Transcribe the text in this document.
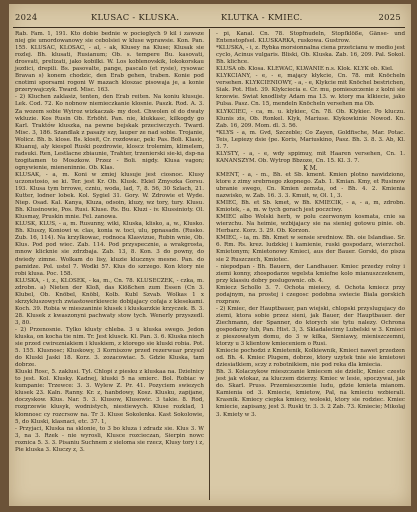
2024	KLUSAC - KLUSKA.	KLUTKA - KMIEC.	2025

Rab. Fam. 1, 191. Kto dobie bednie w pocieglych 9 kil i zawsze niej gie umordowanowy sie cebolsiei w kluse wprawsie. Kon. Pan. 155. KLUSAC, KLOSAC, - al, - ak, Klusey na Kluse; Klusak sie rozlej. Bh. klusati, Rusianum; Ob. s. tempere Bu. kasovati, drosvati, prelizati, jako kobilki. W. Los koblenovskik, lokokorskau jezdici, drepili. Bs. pasovalte, pange, pascalo (et rysie), rysowac Bravan s) konem chodzic, den Erab gehen, traben. Konie pod cnotimi sporsami rogoni W mazach kloszac pisowaja je, a konie przerywajczyk. Tward. Misc. 163.

- 2) Kluchen zaklasiz, tenten, den Erab reiten. Na koniu klusuje. Lek. Cod. 72. Ko nobnow niemieczkanie klosnie. Paszk. Rod. A. 3. Za wozem sobie Wyiroz wizkaczak- my dost. Chwolen ol do dwaty wkluzie. Kos Rusin Ob. Erhöht. Pan. nie, klukkasc, kilkogdy go Karl. Traktów kluszka, na pewne bejskak przeciwczych. Tward. Misc. 3, 186. Szandlak z pasaży szy, lauper ze nad sobie. Trojanie, Wolicz. Bh. b. klose. Bs. klosit, Cr. rozdowac, pek: Pas. Boli. Klasic, Kluanuj, aly kiespol Ruski pozdrowie, kloscz trolemim, klimelem, radsuki. Ren, Lestlacne zbiaunie, Trahter, trzenierski sie-ki, dsp-na tzogitamen to Moszkow. Przez - Boli. nigdy. Klusa vagon; ognywienie, mieneninnie. Ob. Klas.

KLUSAK, - a, m. Koni w zmiej klusuje jest ciosnoc. Klusy uczonstosio, se ki. Ter. jest Kr. Ob. Klusk. Ekiel Zmyszka Gorsu. 193. Klusa tym brrowe, czniu, woda, lad, 7, 8. 56, 30 Szlach, 21. Kutter, lodner lobek. Kol. Sygiel 31. Gory. W. Zdrowie et Wyde. Niep. Osad. Kal. Kanya, Kluza, odsoin, kluzy, wz tory, tury. Klusu. Bh. Klusinowie, Pos. Rusi. Kluse. Rs. Bu. Kluzi - iv. Klussinioty. Ol. Klusmay, Pruskin mnie. Fel. zanowa.

KLUSK, KLUS, - a, m. Rusunny, wiki, Kluska, klisko, a, w., Klusko. Bh. Kluszy, Koniowi w. clas, konia w. toci, ulu, ppnasadn. (Rusko. Zub. 16, 114). Na krzylkowac, rodnoca Klasvizue, Rubin wnie, Ob. Klus. Pod pod wiec. Zab. 114. Pod przyspecznie, a wrakgrosta, mnow klicknie sie zdrzbaja. Zab. 13, 8. Kon. 3 do powny, do dwiedy zimne. Wolkam do lisy, kluzie klucznys mesne. Pan. do pamidze. Pol. ustel 7. Wodki 57. Klus do szrzego. Kon ktory nie robi klusa. Poc. 158.

KLUSKA, - i, z., KLOSEK, - ka, m., Cn. 78. KLUSECZEK, - czka, m. zdrobn. a) Nieten der Kloß, das Klößchen zum Essen (Cn 3. Klubel, Ob. Knöbel, Knöbl, Kolb. Kubl Szvab. Wolkas 1 x skrzykluszowych zwiastowerkiewcie dobijajacy cofaja z klesekami. Koch. 39. Robia w mieszaninie klusek i kluskarzkie krzyczek. B. 3. 28. Klusek z kwaszonyni pachwaty stow tych. Wenerly przyszedl. 3, 80.

- 2) Przenosnie. Tylko klusty chleba. 3 u kluska swego. Jedon kluska, on kocha tie nim. Tr. Jest klusck. Kl. Pan. 3. 6. Kluska niech sie przed cwirezniakiem i kluskiem, z ktorego sie kluski robia. Pot. 5. 155. Klusnosc; Kluskowy, 3 Korniszow przed rezerwuar przyszl do Kluski Jaski 18. Korz. 3. zozacowiac. 5. Gdzie Kluska, tam dobrze.

Kluski Rosc, 5. zaklusi. Tyl. Chlopi z piesku z kluskaa na. Dzielnicy to jest. Kol. Klusky. Kadnej, kluski 5 na smierc. Bol. Robiac w kumpanie: Trzewce: 3. 3. Wylew Z. Pr. 41. Pozyciem swiezych klusek 23. Kaln. Ranny. Kr. z, hanbdowy, Kosz. Klusku, zapijane, doczyskow. Klus. Nar. 5. 3. Klusow, Klusowic. 3 takie. 8. Rod, rozgrzewie klusyk, wodnistych, niestiewych. Kluse rozklad, 1 klomnosc cy rozcrsow na. Tr 3. Kluse Sokolenka. Kast Sokolowie, 5, do Kluski, klasnaci, etc. 37. 1,

- Przyjaci, Kluska na sklonie, to 3 bo kluza i zdradz sie. Klus 3. W 3, na 3. Rzek - nie wyrosli, Klusce rozcieczan, Sierpin nowc roznica 5. 3. 3. Pisaniu Suchnem z sieloma sie rzecz, Klusy tory i z, Pie kluska 3. Kluczy z, 3.

- pi, Kanal. Cn. 78. Stopfnudeln, Stopfklöße, Gänse- und Entenstopfsel. KLUSKARKA, ruskowa. Gustrow.

*KLUSKA, - i, z. Rybka morsionnalna ciena przetcianu w medio jest cyclo, Acinus vulgaris. Bliski, Ob. Kluska. Zab. 16, 209. Pal. Sokol. Bh. klichce.

KLUSA ob. Klosa. KLEWAC, KLWANIE n.s. Klok. KLYK ob. Kiel.

KLYKCIANY, - e, - e, mający kłykcie, Cn. 78. mit Knöcheln versehen. KLYKCIENIOWY, - a, - e, Klykcie mit Knöchel bestrichen, Siak. Pot. Hist. 39. Klykciecia e. Cr. mu, pomieszczenie z kolni sie krzewie. Swiat knodlisty Adam ma 13. w. ktory ma klkiecie, jako Pulsa. Pasz. Cn. 15, mendeln Knöcheln versehen ma Ob.

KLYKCIEC, - ca, m. u. klykiec, Cn. 78. Ob. Klykiec. Po kluczu. Klunis zis, Ob. Ronkel. Klyk, Mariuse. Klykowkinie Nowod. Kn. Zab. 16, 209. Mom. dl. 3. 56.

*KLYS - a, m. Gvd, Szczeble; Co Zayen, Goldfische, Mar. Potac. Teis, Lepiezy dsie (pe. Koris, Mariuskino, Pasz. Bh. 3. 8. 3. Ab, Kl. 3. 7.

KLYSTY, - a, - e, wdy sppimuy, mit Haaren versehen, Cn. 1. KANANSZYM. Ob. Wytrop Bbzoze, Cn. 15. Kl. 3. 7.

K M.

KMENT, - a, - m., Bh. et Sb. kment. Kmien plotno nawidziono, ktore z zimy srebrnego zkopnego. Zab. 1. Kmian. Kmy, et Rusinow ubranie swego, Cn. Kmien zemsta, od - Bh. 4. 2. Kmienia nazwisko, w. Zab. 16. 3. 3. Kmuit, w, Ol. 1, 3.

KMIEC, Bh. et Sb. kmet, w Bh. KMIECIK, - a, - a, m, zdrobn. Kmiotek, - a, m. w tych gorach jest poczciwy.

KMIEC albo Wolski herb, w polu czerwonym kosmata, cnie sa wierzchu. Na heimie, wzbijajacy sie na sieniej gotowu pinie. ob. Herbarz. Korz. 3. 29. Ob. Korzon.

KMIEC, - ia, m. Bh. Kmet w sensie sredniow. Bh. oie Islandiae. Sr. 6. Rm. Rs. krez. ludzkiej i kamienie, ruski gospodarz, wierzchol. Kmietonym; Kmietonowy Kmieci, aus der Bauer. Gorski, do pisza sie 2 Ruszczech, Kmiotec.

- niepodpan - Bh. Bauern, der Landhauer. Kmiec przedzy rolny i ziemi konny, zhospodarze wgelsta kmiefne kolo mianuszczeknem, przy klassiu dobry poslugownic. ob. 4.

Kmiecz Schollo 3. 7. Ochota mieiecy, d. Ochota kmiecz przy podajnym, na prostej i czegosc podobna swiecie Biala gorskich rozpraw.

- 2) Kmiec, der Hauptbauer, pan wiejski, chlopski przyslugujacy do ziemi, ktora sobie przez sieni, jak Bauer, der Hauptbauer. der Ziechmann, der Spanner, do ktorych sie tytu nalezy. Ochrona gospodarzy lub, Pan. Hist. 3, 3. Skladalecimy Lubelski w 3. Kmieci z pieszowatym domu, do 3 w kilka, Sieniawy, mieniszczemni, ktorzy u 3 klientow kmieceniem o Rusi.

Kmiecie pochodzi z Kmietenik, Kolkiewnik, Kmieci nawet przedzen od. Bh. 4. Kmiec Plugem, dobrze, ktory uzytek tnie sie kmietowi dziesiatkiem, sczy z robotnikiem, nie pod reka dla kmiecia.

Bh. 3. Kolaczykow mieszczanie kmiecem sie dzielic, Kmiec czesto jest jak wlokaz, za kluczem dzierzy. Kmiec w lesie, spoczywai, jak do. Skarl. Pruss. Przemieszczenie ludu, gdzie kmieta mianom. Kamienia od 3. Kmiecie, kmietow, Pal, na kmieciu wzbierali. Krasnik. Kmiecy ciepka kmiecy, woloski, ktory sie rodziec. Kmiec kmiecie, zapisany, jest 3. Ruski tr. 3. 3. 2 Zab. 73. Kmiecie; Mikolaj 3. Kmiety w 3.
